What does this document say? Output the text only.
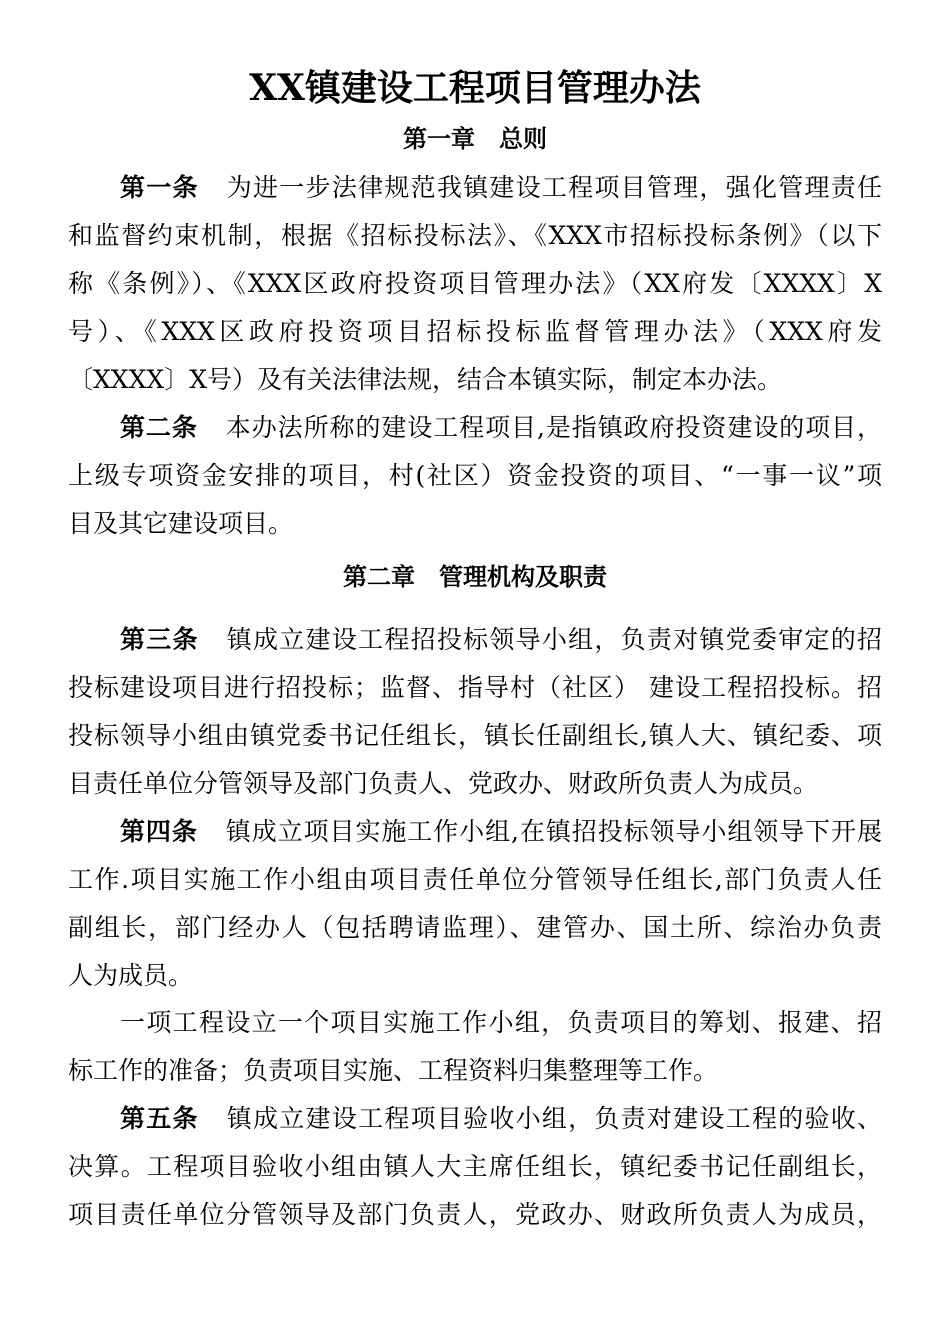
XX镇建设工程项目管理办法
第一章　总则
第一条 为进一步法律规范我镇建设工程项目管理，强化管理责任
和监督约束机制，根据《招标投标法》、《XXX市招标投标条例》（以下
称《条例》）、《XXX区政府投资项目管理办法》（XX府发〔XXXX〕X
号）、《XXX区政府投资项目招标投标监督管理办法》（XXX府发
〔XXXX〕X号）及有关法律法规，结合本镇实际，制定本办法。
第二条 本办法所称的建设工程项目,是指镇政府投资建设的项目，
上级专项资金安排的项目，村(社区）资金投资的项目、“一事一议”项
目及其它建设项目。
第二章　管理机构及职责
第三条 镇成立建设工程招投标领导小组，负责对镇党委审定的招
投标建设项目进行招投标；监督、指导村（社区） 建设工程招投标。招
投标领导小组由镇党委书记任组长，镇长任副组长,镇人大、镇纪委、项
目责任单位分管领导及部门负责人、党政办、财政所负责人为成员。
第四条 镇成立项目实施工作小组,在镇招投标领导小组领导下开展
工作.项目实施工作小组由项目责任单位分管领导任组长,部门负责人任
副组长，部门经办人（包括聘请监理）、建管办、国土所、综治办负责
人为成员。
一项工程设立一个项目实施工作小组，负责项目的筹划、报建、招
标工作的准备；负责项目实施、工程资料归集整理等工作。
第五条 镇成立建设工程项目验收小组，负责对建设工程的验收、
决算。工程项目验收小组由镇人大主席任组长，镇纪委书记任副组长，
项目责任单位分管领导及部门负责人，党政办、财政所负责人为成员，
